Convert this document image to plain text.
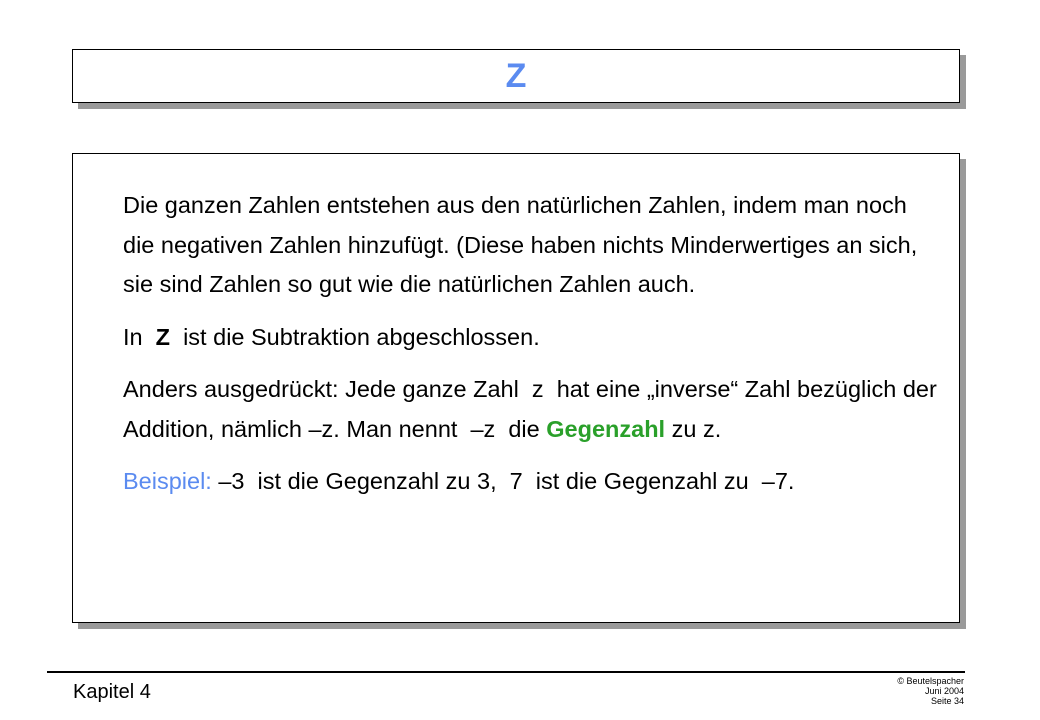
Z

Die ganzen Zahlen entstehen aus den natürlichen Zahlen, indem man noch die negativen Zahlen hinzufügt. (Diese haben nichts Minderwertiges an sich, sie sind Zahlen so gut wie die natürlichen Zahlen auch.

In  Z  ist die Subtraktion abgeschlossen.

Anders ausgedrückt: Jede ganze Zahl  z  hat eine „inverse“ Zahl bezüglich der Addition, nämlich –z. Man nennt  –z  die Gegenzahl zu z.

Beispiel: –3  ist die Gegenzahl zu 3,  7  ist die Gegenzahl zu  –7.

Kapitel 4	© Beutelspacher
Juni 2004
Seite 34
